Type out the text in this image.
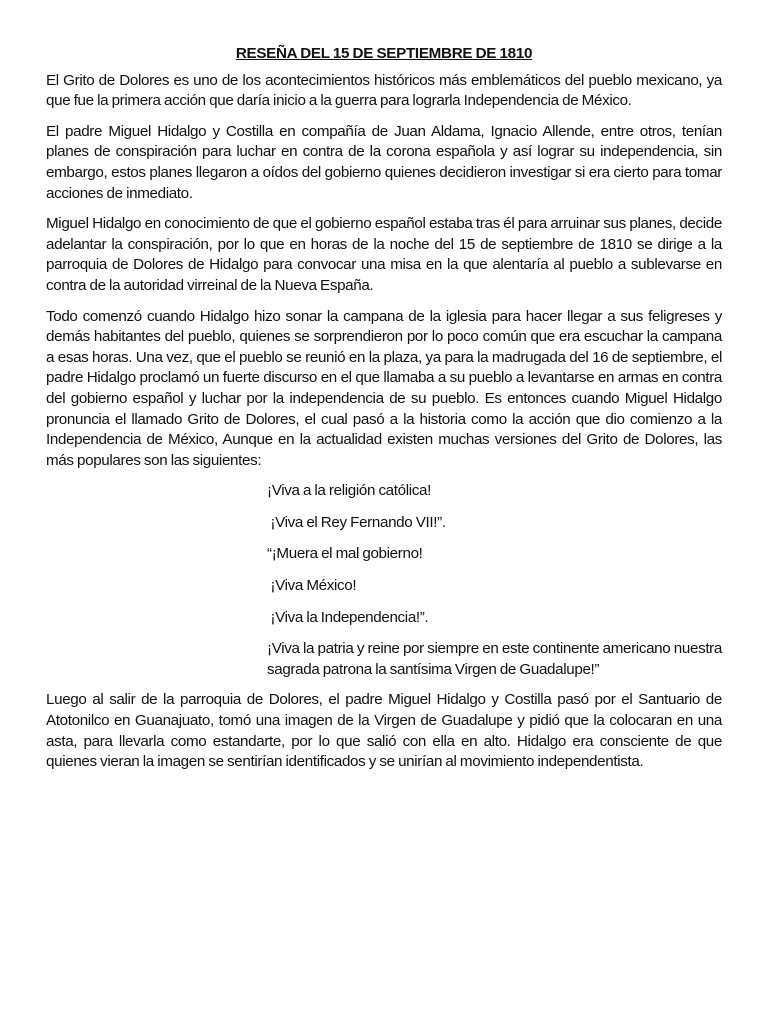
RESEÑA DEL 15 DE SEPTIEMBRE DE 1810

El Grito de Dolores es uno de los acontecimientos históricos más emblemáticos del pueblo mexicano, ya que fue la primera acción que daría inicio a la guerra para lograrla Independencia de México.

El padre Miguel Hidalgo y Costilla en compañía de Juan Aldama, Ignacio Allende, entre otros, tenían planes de conspiración para luchar en contra de la corona española y así lograr su independencia, sin embargo, estos planes llegaron a oídos del gobierno quienes decidieron investigar si era cierto para tomar acciones de inmediato.

Miguel Hidalgo en conocimiento de que el gobierno español estaba tras él para arruinar sus planes, decide adelantar la conspiración, por lo que en horas de la noche del 15 de septiembre de 1810 se dirige a la parroquia de Dolores de Hidalgo para convocar una misa en la que alentaría al pueblo a sublevarse en contra de la autoridad virreinal de la Nueva España.

Todo comenzó cuando Hidalgo hizo sonar la campana de la iglesia para hacer llegar a sus feligreses y demás habitantes del pueblo, quienes se sorprendieron por lo poco común que era escuchar la campana a esas horas. Una vez, que el pueblo se reunió en la plaza, ya para la madrugada del 16 de septiembre, el padre Hidalgo proclamó un fuerte discurso en el que llamaba a su pueblo a levantarse en armas en contra del gobierno español y luchar por la independencia de su pueblo. Es entonces cuando Miguel Hidalgo pronuncia el llamado Grito de Dolores, el cual pasó a la historia como la acción que dio comienzo a la Independencia de México, Aunque en la actualidad existen muchas versiones del Grito de Dolores, las más populares son las siguientes:

¡Viva a la religión católica!
¡Viva el Rey Fernando VII!”.
“¡Muera el mal gobierno!
¡Viva México!
¡Viva la Independencia!”.
¡Viva la patria y reine por siempre en este continente americano nuestra sagrada patrona la santísima Virgen de Guadalupe!”

Luego al salir de la parroquia de Dolores, el padre Miguel Hidalgo y Costilla pasó por el Santuario de Atotonilco en Guanajuato, tomó una imagen de la Virgen de Guadalupe y pidió que la colocaran en una asta, para llevarla como estandarte, por lo que salió con ella en alto. Hidalgo era consciente de que quienes vieran la imagen se sentirían identificados y se unirían al movimiento independentista.
